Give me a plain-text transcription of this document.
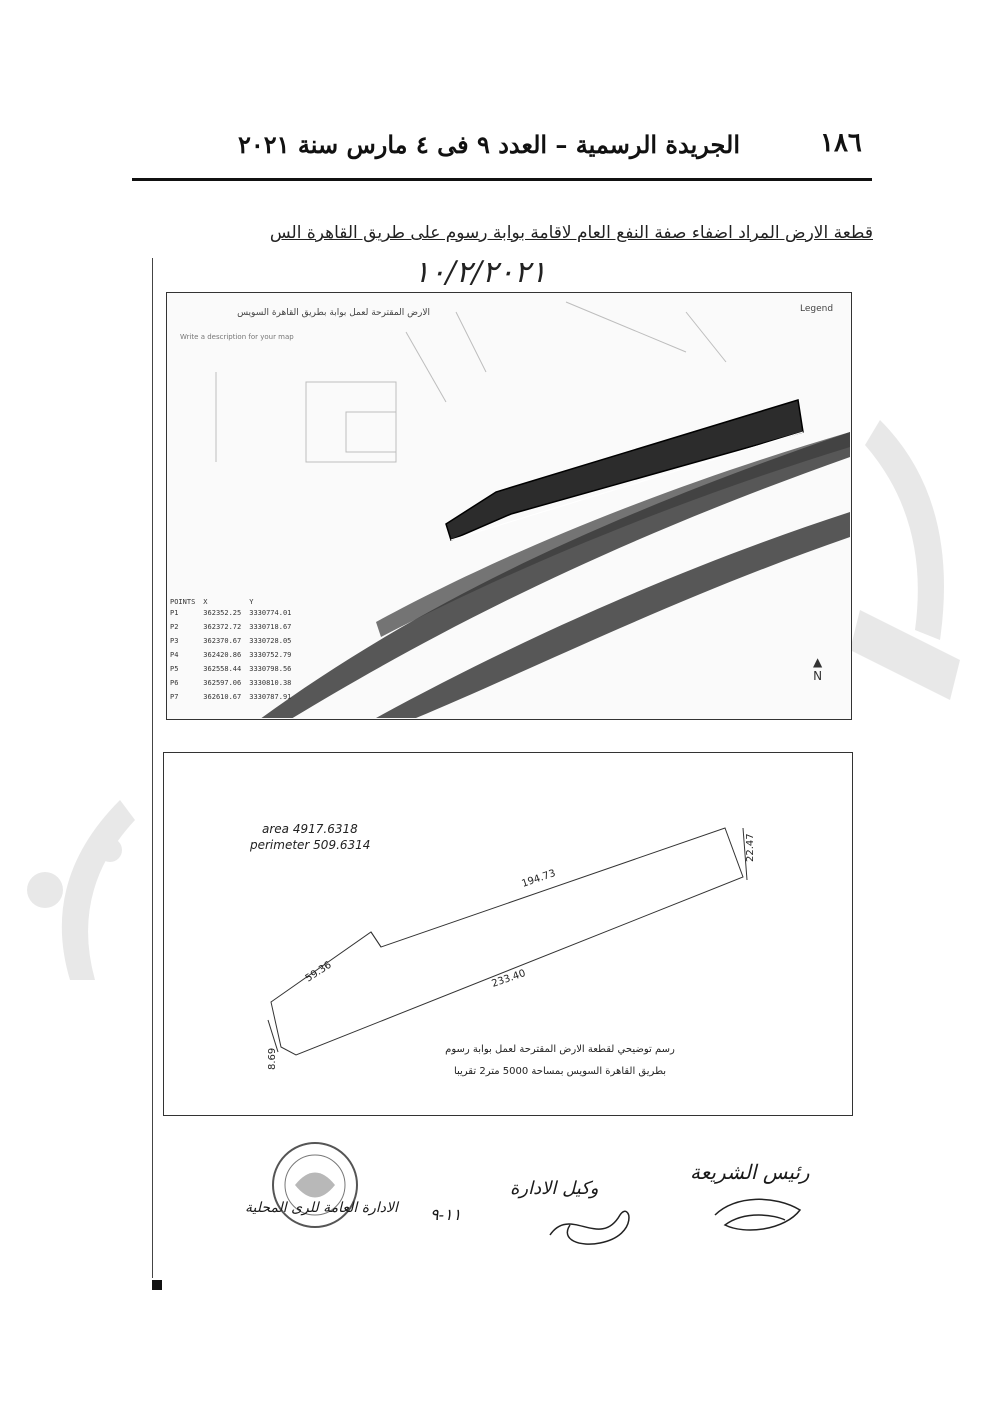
١٨٦
الجريدة الرسمية – العدد ٩ فى ٤ مارس سنة ٢٠٢١
قطعة الارض المراد اضفاء صفة النفع العام لاقامة بوابة رسوم على طريق القاهرة الس
١٠/٢/٢٠٢١
الارض المقترحة لعمل بوابة بطريق القاهرة السويس
Write a description for your map
Legend
▲
N
POINTS	X	Y
P1	362352.25	3330774.01
P2	362372.72	3330718.67
P3	362370.67	3330728.05
P4	362420.86	3330752.79
P5	362558.44	3330798.56
P6	362597.06	3330810.38
P7	362610.67	3330787.91
194.73
22.47
233.40
59.36
8.69
area 4917.6318
perimeter 509.6314
رسم توضيحي لقطعة الارض المقترحة لعمل بوابة رسوم
بطريق القاهرة السويس بمساحة 5000 متر2 تقريبا
رئيس الشريعة
وكيل الادارة
١١-٩
الادارة العامة للرى المحلية
